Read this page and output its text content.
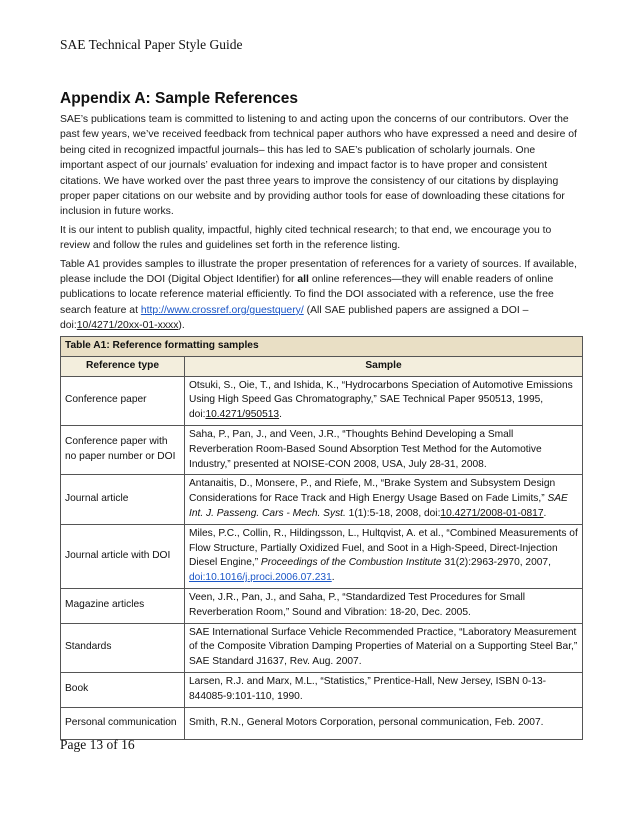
SAE Technical Paper Style Guide
Appendix A: Sample References

SAE’s publications team is committed to listening to and acting upon the concerns of our contributors. Over the past few years, we’ve received feedback from technical paper authors who have expressed a need and desire of being cited in recognized impactful journals– this has led to SAE’s publication of scholarly journals. One important aspect of our journals’ evaluation for indexing and impact factor is to have proper and consistent citations. We have worked over the past three years to improve the consistency of our citations by displaying proper paper citations on our website and by providing author tools for ease of downloading these citations for inclusion in future works.

It is our intent to publish quality, impactful, highly cited technical research; to that end, we encourage you to review and follow the rules and guidelines set forth in the reference listing.

Table A1 provides samples to illustrate the proper presentation of references for a variety of sources. If available, please include the DOI (Digital Object Identifier) for all online references—they will enable readers of online publications to locate reference material efficiently. To find the DOI associated with a reference, use the free search feature at http://www.crossref.org/guestquery/ (All SAE published papers are assigned a DOI – doi:10/4271/20xx-01-xxxx).

Table A1: Reference formatting samples	
Reference type	Sample
Conference paper	Otsuki, S., Oie, T., and Ishida, K., “Hydrocarbons Speciation of Automotive Emissions Using High Speed Gas Chromatography,” SAE Technical Paper 950513, 1995, doi:10.4271/950513.
Conference paper with no paper number or DOI	Saha, P., Pan, J., and Veen, J.R., “Thoughts Behind Developing a Small Reverberation Room-Based Sound Absorption Test Method for the Automotive Industry,” presented at NOISE-CON 2008, USA, July 28-31, 2008.
Journal article	Antanaitis, D., Monsere, P., and Riefe, M., “Brake System and Subsystem Design Considerations for Race Track and High Energy Usage Based on Fade Limits,” SAE Int. J. Passeng. Cars - Mech. Syst. 1(1):5-18, 2008, doi:10.4271/2008-01-0817.
Journal article with DOI	Miles, P.C., Collin, R., Hildingsson, L., Hultqvist, A. et al., “Combined Measurements of Flow Structure, Partially Oxidized Fuel, and Soot in a High-Speed, Direct-Injection Diesel Engine,” Proceedings of the Combustion Institute 31(2):2963-2970, 2007, doi:10.1016/j.proci.2006.07.231.
Magazine articles	Veen, J.R., Pan, J., and Saha, P., “Standardized Test Procedures for Small Reverberation Room,” Sound and Vibration: 18-20, Dec. 2005.
Standards	SAE International Surface Vehicle Recommended Practice, “Laboratory Measurement of the Composite Vibration Damping Properties of Material on a Supporting Steel Bar,” SAE Standard J1637, Rev. Aug. 2007.
Book	Larsen, R.J. and Marx, M.L., “Statistics,” Prentice-Hall, New Jersey, ISBN 0-13-844085-9:101-110, 1990.
Personal communication	Smith, R.N., General Motors Corporation, personal communication, Feb. 2007.
Page 13 of 16
